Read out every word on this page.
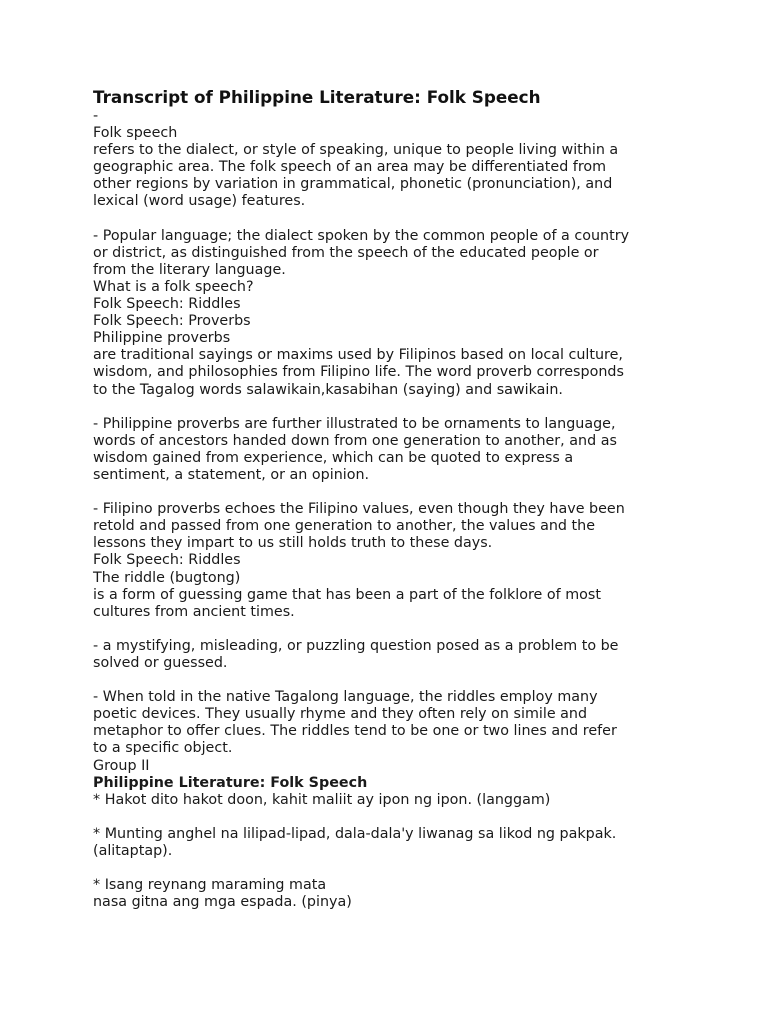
Transcript of Philippine Literature: Folk Speech
-
Folk speech
refers to the dialect, or style of speaking, unique to people living within a
geographic area. The folk speech of an area may be differentiated from
other regions by variation in grammatical, phonetic (pronunciation), and
lexical (word usage) features.
- Popular language; the dialect spoken by the common people of a country
or district, as distinguished from the speech of the educated people or
from the literary language.
What is a folk speech?
Folk Speech: Riddles
Folk Speech: Proverbs
Philippine proverbs
are traditional sayings or maxims used by Filipinos based on local culture,
wisdom, and philosophies from Filipino life. The word proverb corresponds
to the Tagalog words salawikain,kasabihan (saying) and sawikain.
- Philippine proverbs are further illustrated to be ornaments to language,
words of ancestors handed down from one generation to another, and as
wisdom gained from experience, which can be quoted to express a
sentiment, a statement, or an opinion.
- Filipino proverbs echoes the Filipino values, even though they have been
retold and passed from one generation to another, the values and the
lessons they impart to us still holds truth to these days.
Folk Speech: Riddles
The riddle (bugtong)
is a form of guessing game that has been a part of the folklore of most
cultures from ancient times.
- a mystifying, misleading, or puzzling question posed as a problem to be
solved or guessed.
- When told in the native Tagalong language, the riddles employ many
poetic devices. They usually rhyme and they often rely on simile and
metaphor to offer clues. The riddles tend to be one or two lines and refer
to a specific object.
Group II
Philippine Literature: Folk Speech
* Hakot dito hakot doon, kahit maliit ay ipon ng ipon. (langgam)
* Munting anghel na lilipad-lipad, dala-dala'y liwanag sa likod ng pakpak.
(alitaptap).
* Isang reynang maraming mata
nasa gitna ang mga espada. (pinya)
